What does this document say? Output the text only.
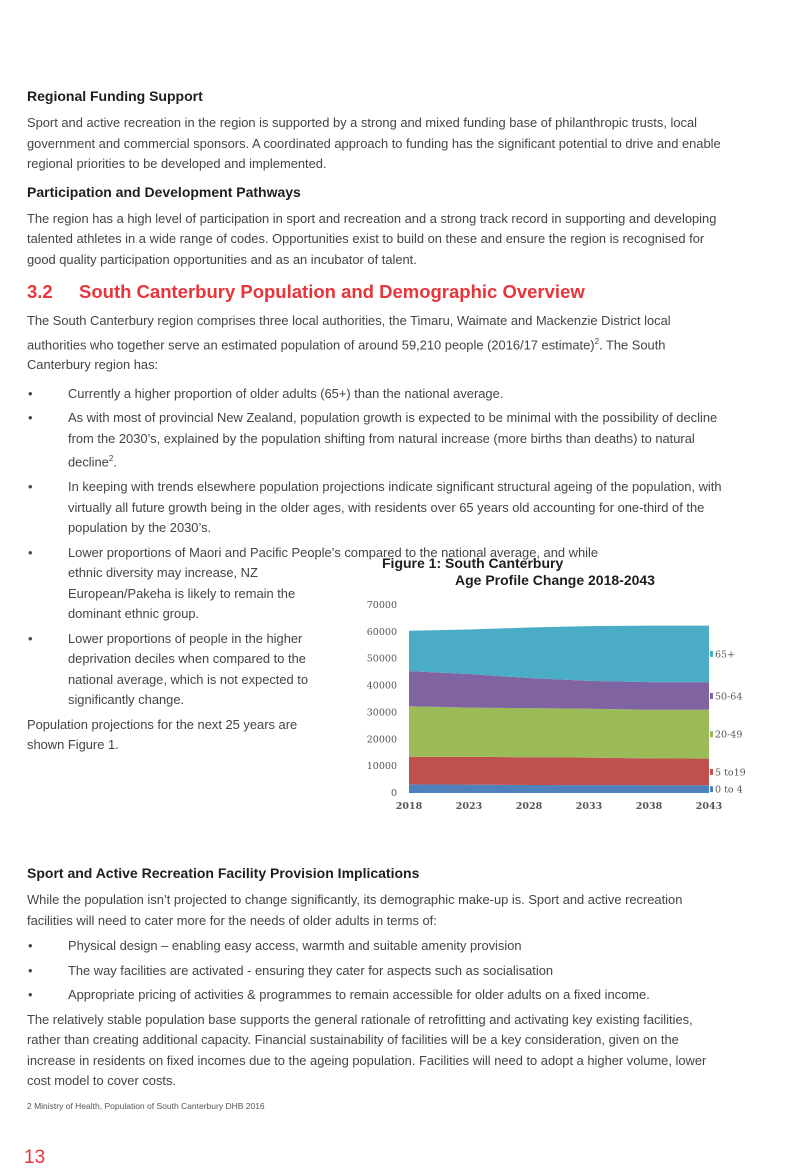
Regional Funding Support

Sport and active recreation in the region is supported by a strong and mixed funding base of philanthropic trusts, local government and commercial sponsors. A coordinated approach to funding has the significant potential to drive and enable regional priorities to be developed and implemented.

Participation and Development Pathways

The region has a high level of participation in sport and recreation and a strong track record in supporting and developing talented athletes in a wide range of codes. Opportunities exist to build on these and ensure the region is recognised for good quality participation opportunities and as an incubator of talent.

3.2	South Canterbury Population and Demographic Overview

The South Canterbury region comprises three local authorities, the Timaru, Waimate and Mackenzie District local authorities who together serve an estimated population of around 59,210 people (2016/17 estimate)$^2$. The South Canterbury region has:

• Currently a higher proportion of older adults (65+) than the national average.
• As with most of provincial New Zealand, population growth is expected to be minimal with the possibility of decline from the 2030’s, explained by the population shifting from natural increase (more births than deaths) to natural decline$^2$.
• In keeping with trends elsewhere population projections indicate significant structural ageing of the population, with virtually all future growth being in the older ages, with residents over 65 years old accounting for one-third of the population by the 2030’s.
• Lower proportions of Maori and Pacific People’s compared to the national average, and while
• ethnic diversity may increase, NZ European/Pakeha is likely to remain the dominant ethnic group.
• Lower proportions of people in the higher deprivation deciles when compared to the national average, which is not expected to significantly change.

Population projections for the next 25 years are shown Figure 1.

Figure 1: South Canterbury
Age Profile Change 2018-2043
0
10000
20000
30000
40000
50000
60000
70000
0 to 4
5 to19
20-49
50-64
65+
2018	2023	2028	2033	2038	2043
Sport and Active Recreation Facility Provision Implications

While the population isn’t projected to change significantly, its demographic make-up is. Sport and active recreation facilities will need to cater more for the needs of older adults in terms of:

• Physical design – enabling easy access, warmth and suitable amenity provision
• The way facilities are activated - ensuring they cater for aspects such as socialisation
• Appropriate pricing of activities & programmes to remain accessible for older adults on a fixed income.

The relatively stable population base supports the general rationale of retrofitting and activating key existing facilities, rather than creating additional capacity. Financial sustainability of facilities will be a key consideration, given on the increase in residents on fixed incomes due to the ageing population. Facilities will need to adopt a higher volume, lower cost model to cover costs.

2 Ministry of Health, Population of South Canterbury DHB 2016
13
